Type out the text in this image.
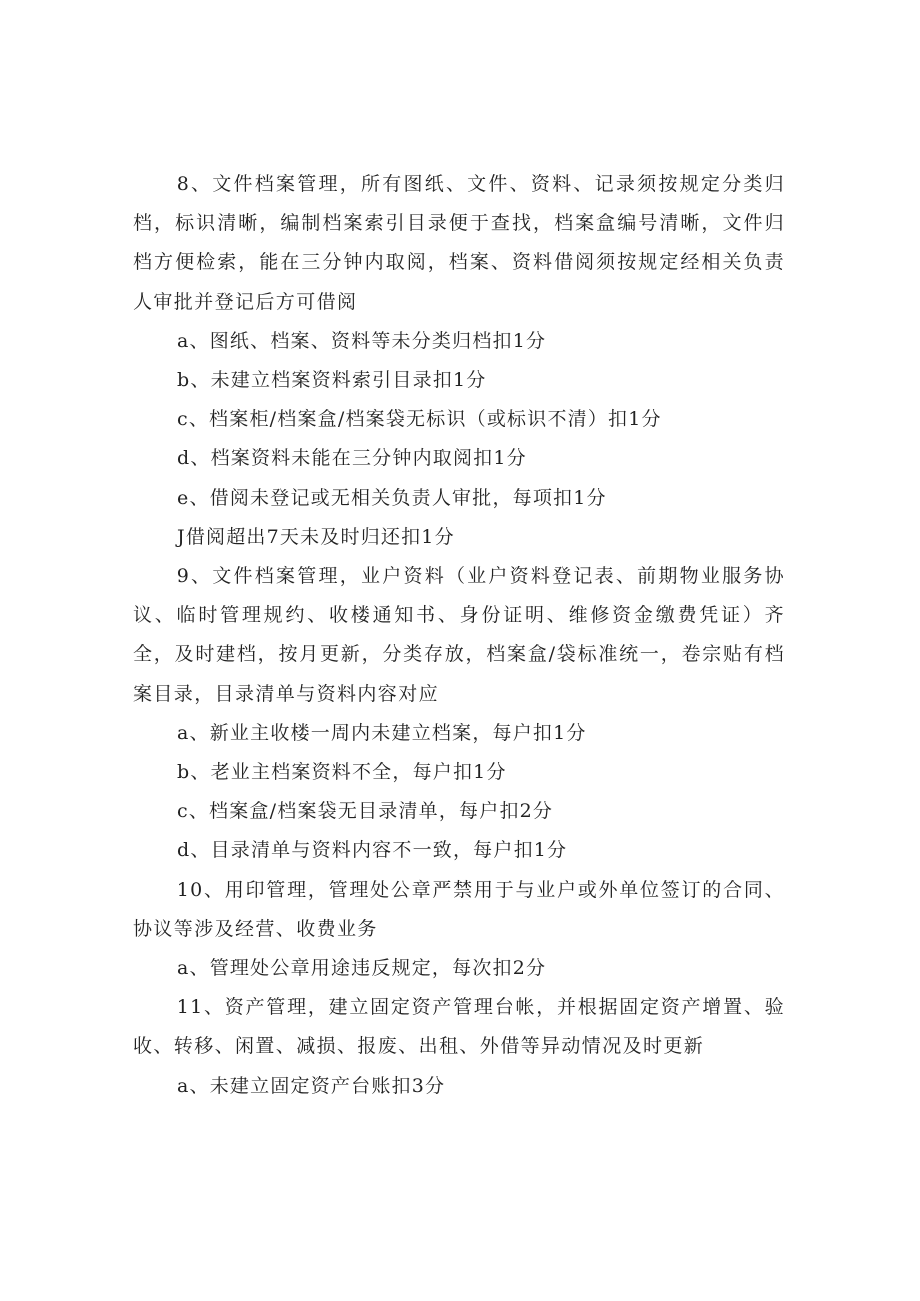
8、文件档案管理，所有图纸、文件、资料、记录须按规定分类归档，标识清晰，编制档案索引目录便于查找，档案盒编号清晰，文件归档方便检索，能在三分钟内取阅，档案、资料借阅须按规定经相关负责人审批并登记后方可借阅

a、图纸、档案、资料等未分类归档扣1分

b、未建立档案资料索引目录扣1分

c、档案柜/档案盒/档案袋无标识（或标识不清）扣1分

d、档案资料未能在三分钟内取阅扣1分

e、借阅未登记或无相关负责人审批，每项扣1分

J借阅超出7天未及时归还扣1分

9、文件档案管理，业户资料（业户资料登记表、前期物业服务协议、临时管理规约、收楼通知书、身份证明、维修资金缴费凭证）齐全，及时建档，按月更新，分类存放，档案盒/袋标准统一，卷宗贴有档案目录，目录清单与资料内容对应

a、新业主收楼一周内未建立档案，每户扣1分

b、老业主档案资料不全，每户扣1分

c、档案盒/档案袋无目录清单，每户扣2分

d、目录清单与资料内容不一致，每户扣1分

10、用印管理，管理处公章严禁用于与业户或外单位签订的合同、协议等涉及经营、收费业务

a、管理处公章用途违反规定，每次扣2分

11、资产管理，建立固定资产管理台帐，并根据固定资产增置、验收、转移、闲置、减损、报废、出租、外借等异动情况及时更新

a、未建立固定资产台账扣3分
